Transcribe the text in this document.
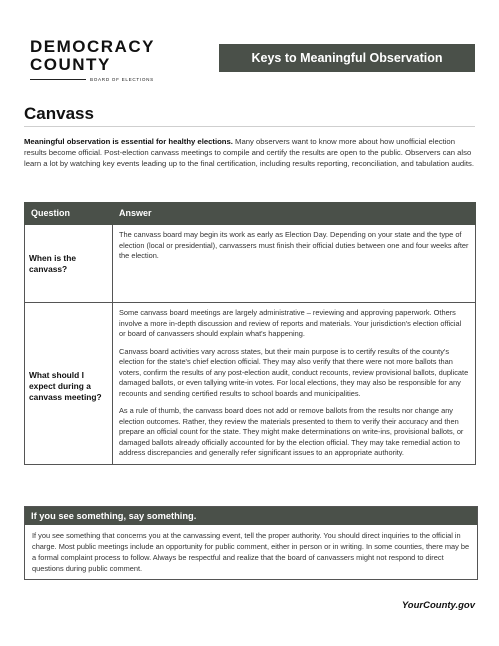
DEMOCRACY
COUNTY
BOARD OF ELECTIONS
Keys to Meaningful Observation
Canvass
Meaningful observation is essential for healthy elections. Many observers want to know more about how unofficial election results become official. Post-election canvass meetings to compile and certify the results are open to the public. Observers can also learn a lot by watching key events leading up to the final certification, including results reporting, reconciliation, and tabulation audits.
Question	Answer
When is the canvass?	The canvass board may begin its work as early as Election Day. Depending on your state and the type of election (local or presidential), canvassers must finish their official duties between one and four weeks after the election.

What should I expect during a canvass meeting?	Some canvass board meetings are largely administrative – reviewing and approving paperwork. Others involve a more in-depth discussion and review of reports and materials. Your jurisdiction's election official or board of canvassers should explain what's happening.

Canvass board activities vary across states, but their main purpose is to certify results of the county's election for the state's chief election official. They may also verify that there were not more ballots than voters, confirm the results of any post-election audit, conduct recounts, review provisional ballots, duplicate damaged ballots, or even tallying write-in votes. For local elections, they may also be responsible for any recounts and sending certified results to school boards and municipalities.

As a rule of thumb, the canvass board does not add or remove ballots from the results nor change any election outcomes. Rather, they review the materials presented to them to verify their accuracy and then prepare an official count for the state. They might make determinations on write-ins, provisional ballots, or damaged ballots already officially accounted for by the election official. They may take remedial action to address discrepancies and generally refer significant issues to an appropriate authority.

If you see something, say something.
If you see something that concerns you at the canvassing event, tell the proper authority. You should direct inquiries to the official in charge. Most public meetings include an opportunity for public comment, either in person or in writing. In some counties, there may be a formal complaint process to follow. Always be respectful and realize that the board of canvassers might not respond to direct questions during public comment.
YourCounty.gov
